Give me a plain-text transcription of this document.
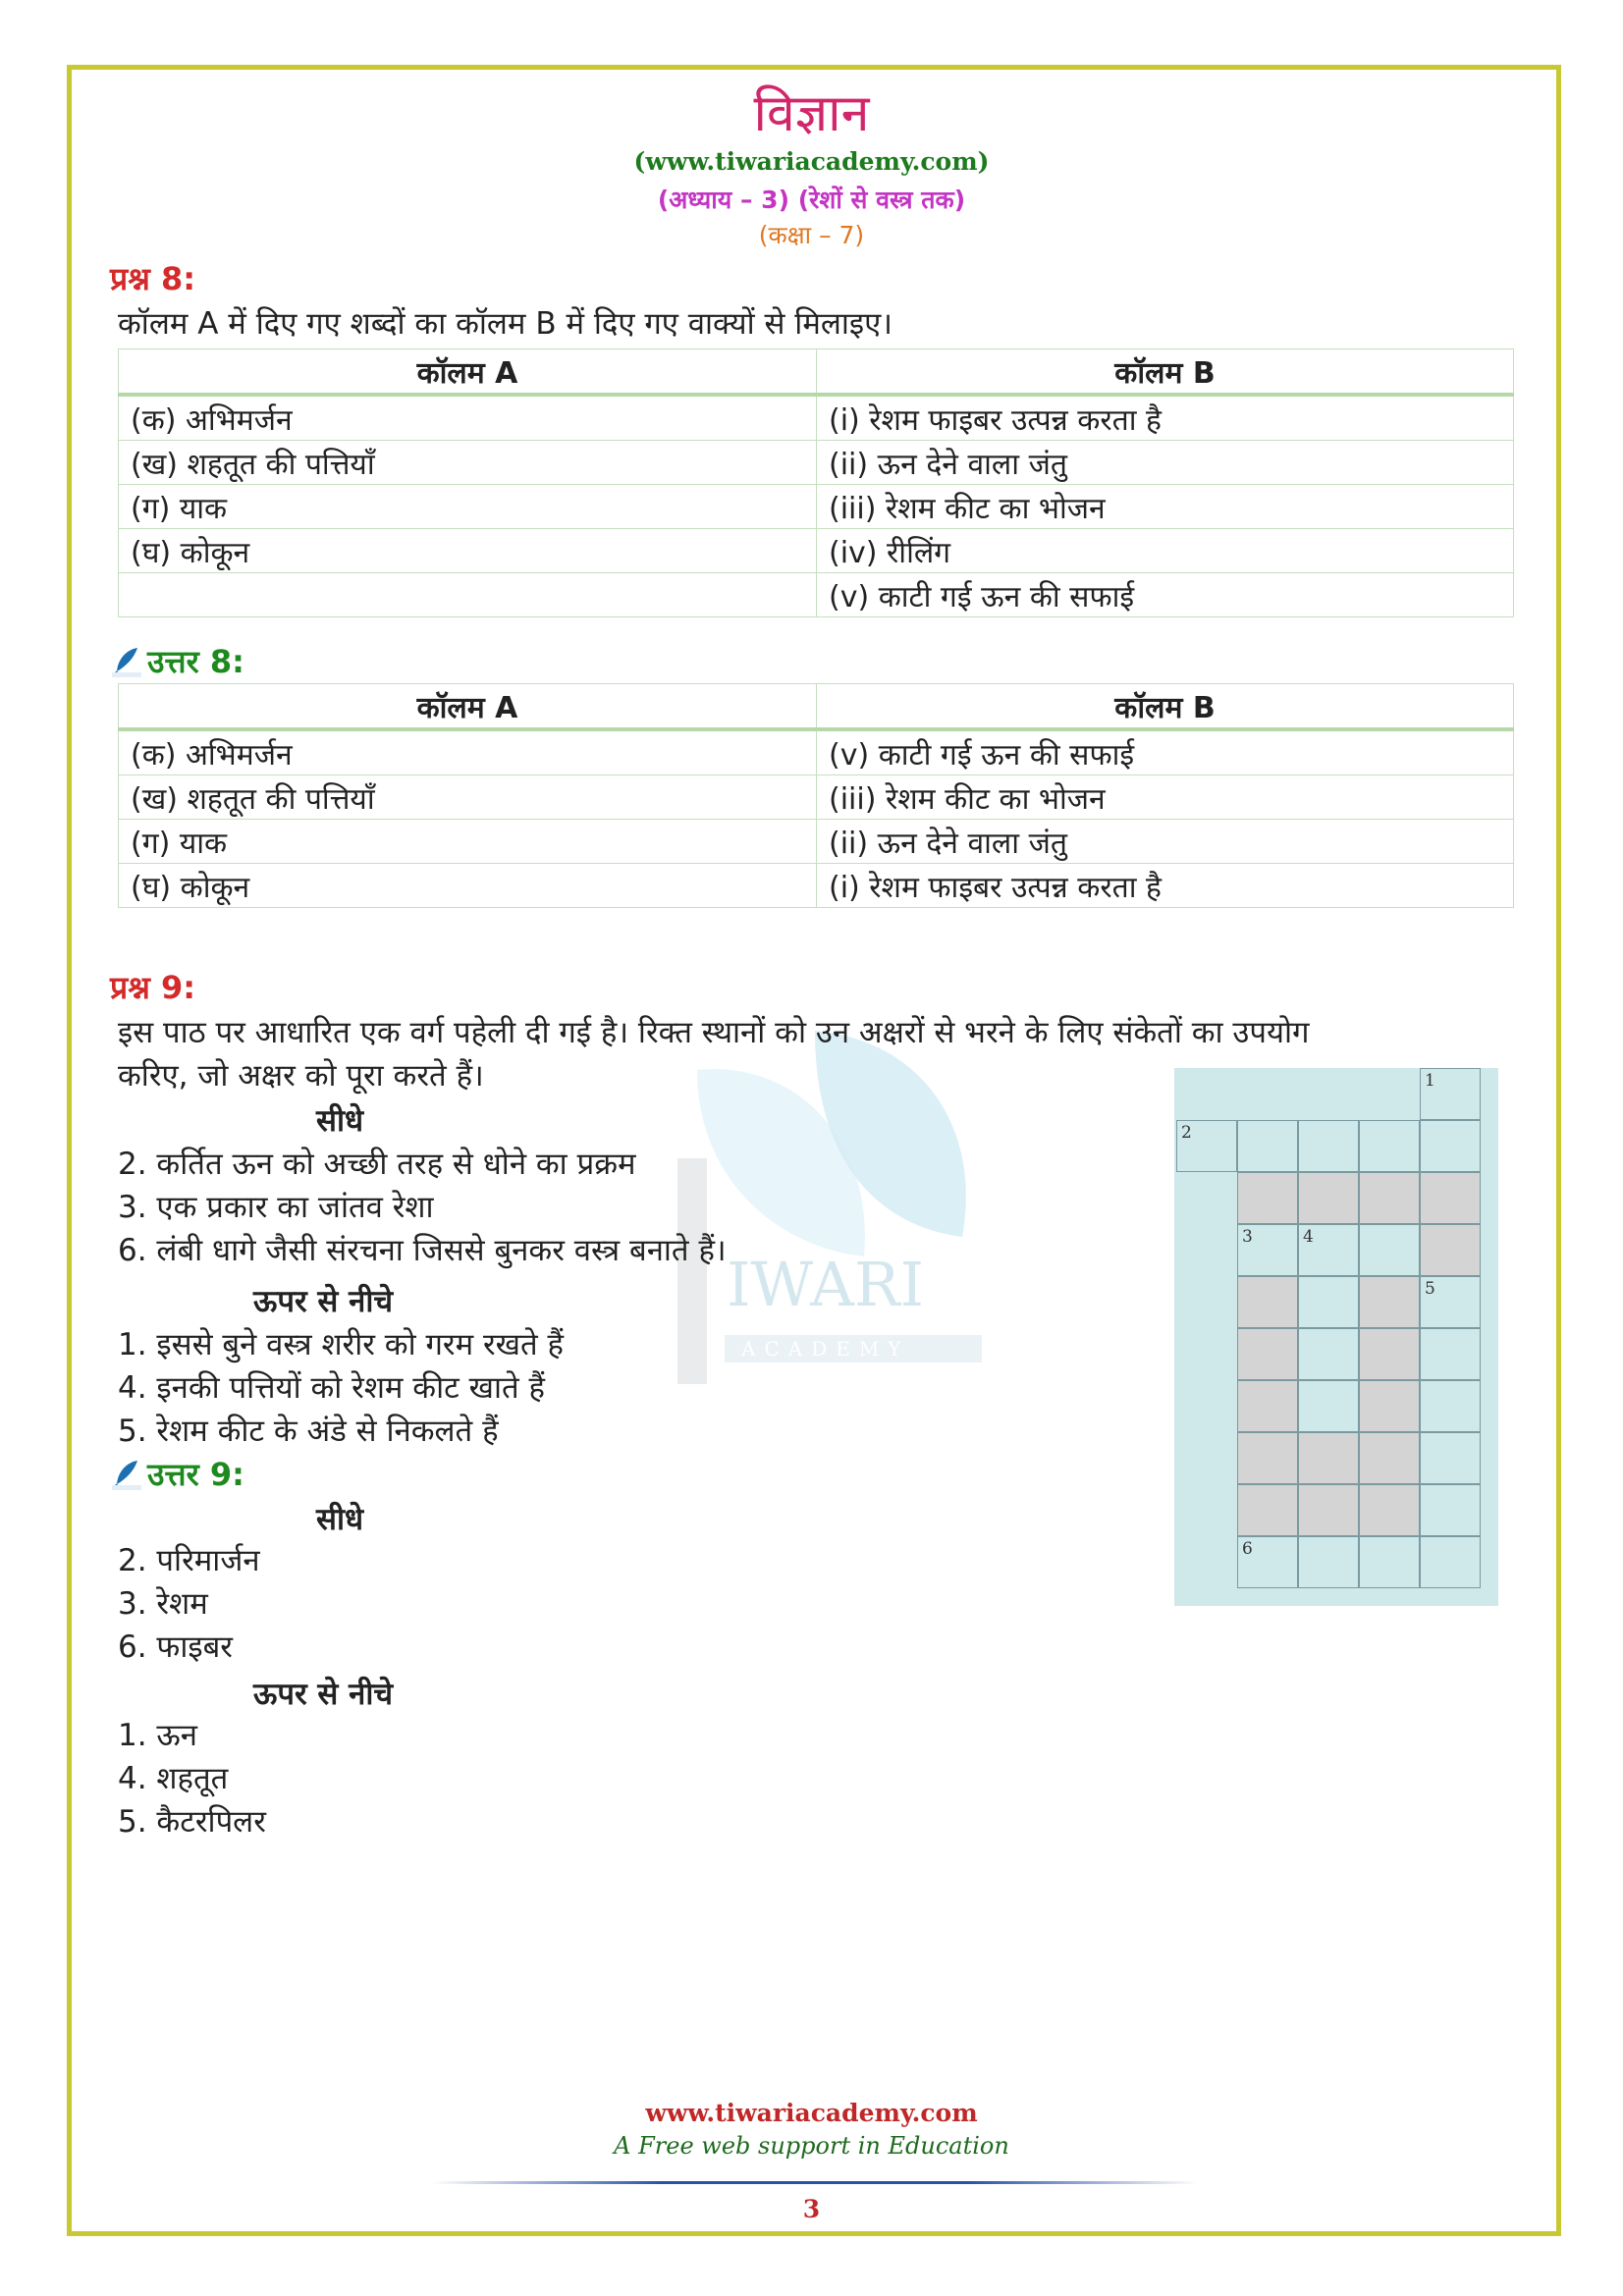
विज्ञान
(www.tiwariacademy.com)
(अध्याय – 3) (रेशों से वस्त्र तक)
(कक्षा – 7)
IWARI
ACADEMY
प्रश्न 8:
कॉलम A में दिए गए शब्दों का कॉलम B में दिए गए वाक्यों से मिलाइए।
कॉलम A	कॉलम B
(क) अभिमर्जन	(i) रेशम फाइबर उत्पन्न करता है
(ख) शहतूत की पत्तियाँ	(ii) ऊन देने वाला जंतु
(ग) याक	(iii) रेशम कीट का भोजन
(घ) कोकून	(iv) रीलिंग
	(v) काटी गई ऊन की सफाई
उत्तर 8:
कॉलम A	कॉलम B
(क) अभिमर्जन	(v) काटी गई ऊन की सफाई
(ख) शहतूत की पत्तियाँ	(iii) रेशम कीट का भोजन
(ग) याक	(ii) ऊन देने वाला जंतु
(घ) कोकून	(i) रेशम फाइबर उत्पन्न करता है
प्रश्न 9:
इस पाठ पर आधारित एक वर्ग पहेली दी गई है। रिक्त स्थानों को उन अक्षरों से भरने के लिए संकेतों का उपयोग
करिए, जो अक्षर को पूरा करते हैं।
सीधे
2. कर्तित ऊन को अच्छी तरह से धोने का प्रक्रम
3. एक प्रकार का जांतव रेशा
6. लंबी धागे जैसी संरचना जिससे बुनकर वस्त्र बनाते हैं।
ऊपर से नीचे
1. इससे बुने वस्त्र शरीर को गरम रखते हैं
4. इनकी पत्तियों को रेशम कीट खाते हैं
5. रेशम कीट के अंडे से निकलते हैं
उत्तर 9:
सीधे
2. परिमार्जन
3. रेशम
6. फाइबर
ऊपर से नीचे
1. ऊन
4. शहतूत
5. कैटरपिलर
1
2
3	4
5
6
www.tiwariacademy.com
A Free web support in Education
3
